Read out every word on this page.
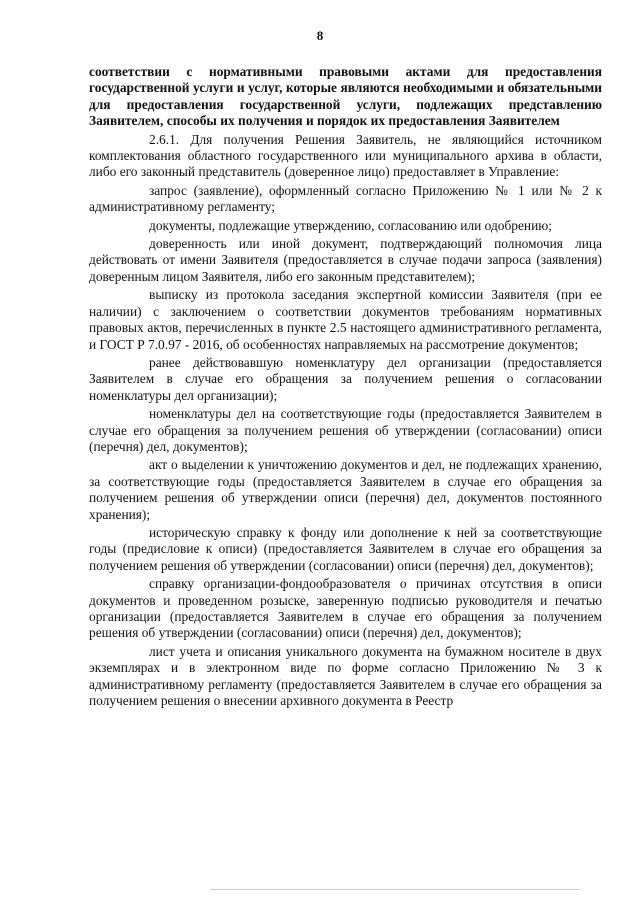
8

соответствии с нормативными правовыми актами для предоставления государственной услуги и услуг, которые являются необходимыми и обязательными для предоставления государственной услуги, подлежащих представлению Заявителем, способы их получения и порядок их предоставления Заявителем

2.6.1. Для получения Решения Заявитель, не являющийся источником комплектования областного государственного или муниципального архива в области, либо его законный представитель (доверенное лицо) предоставляет в Управление:

запрос (заявление), оформленный согласно Приложению № 1 или № 2 к административному регламенту;

документы, подлежащие утверждению, согласованию или одобрению;

доверенность или иной документ, подтверждающий полномочия лица действовать от имени Заявителя (предоставляется в случае подачи запроса (заявления) доверенным лицом Заявителя, либо его законным представителем);

выписку из протокола заседания экспертной комиссии Заявителя (при ее наличии) с заключением о соответствии документов требованиям нормативных правовых актов, перечисленных в пункте 2.5 настоящего административного регламента, и ГОСТ Р 7.0.97 - 2016, об особенностях направляемых на рассмотрение документов;

ранее действовавшую номенклатуру дел организации (предоставляется Заявителем в случае его обращения за получением решения о согласовании номенклатуры дел организации);

номенклатуры дел на соответствующие годы (предоставляется Заявителем в случае его обращения за получением решения об утверждении (согласовании) описи (перечня) дел, документов);

акт о выделении к уничтожению документов и дел, не подлежащих хранению, за соответствующие годы (предоставляется Заявителем в случае его обращения за получением решения об утверждении описи (перечня) дел, документов постоянного хранения);

историческую справку к фонду или дополнение к ней за соответствующие годы (предисловие к описи) (предоставляется Заявителем в случае его обращения за получением решения об утверждении (согласовании) описи (перечня) дел, документов);

справку организации-фондообразователя о причинах отсутствия в описи документов и проведенном розыске, заверенную подписью руководителя и печатью организации (предоставляется Заявителем в случае его обращения за получением решения об утверждении (согласовании) описи (перечня) дел, документов);

лист учета и описания уникального документа на бумажном носителе в двух экземплярах и в электронном виде по форме согласно Приложению № 3 к административному регламенту (предоставляется Заявителем в случае его обращения за получением решения о внесении архивного документа в Реестр
